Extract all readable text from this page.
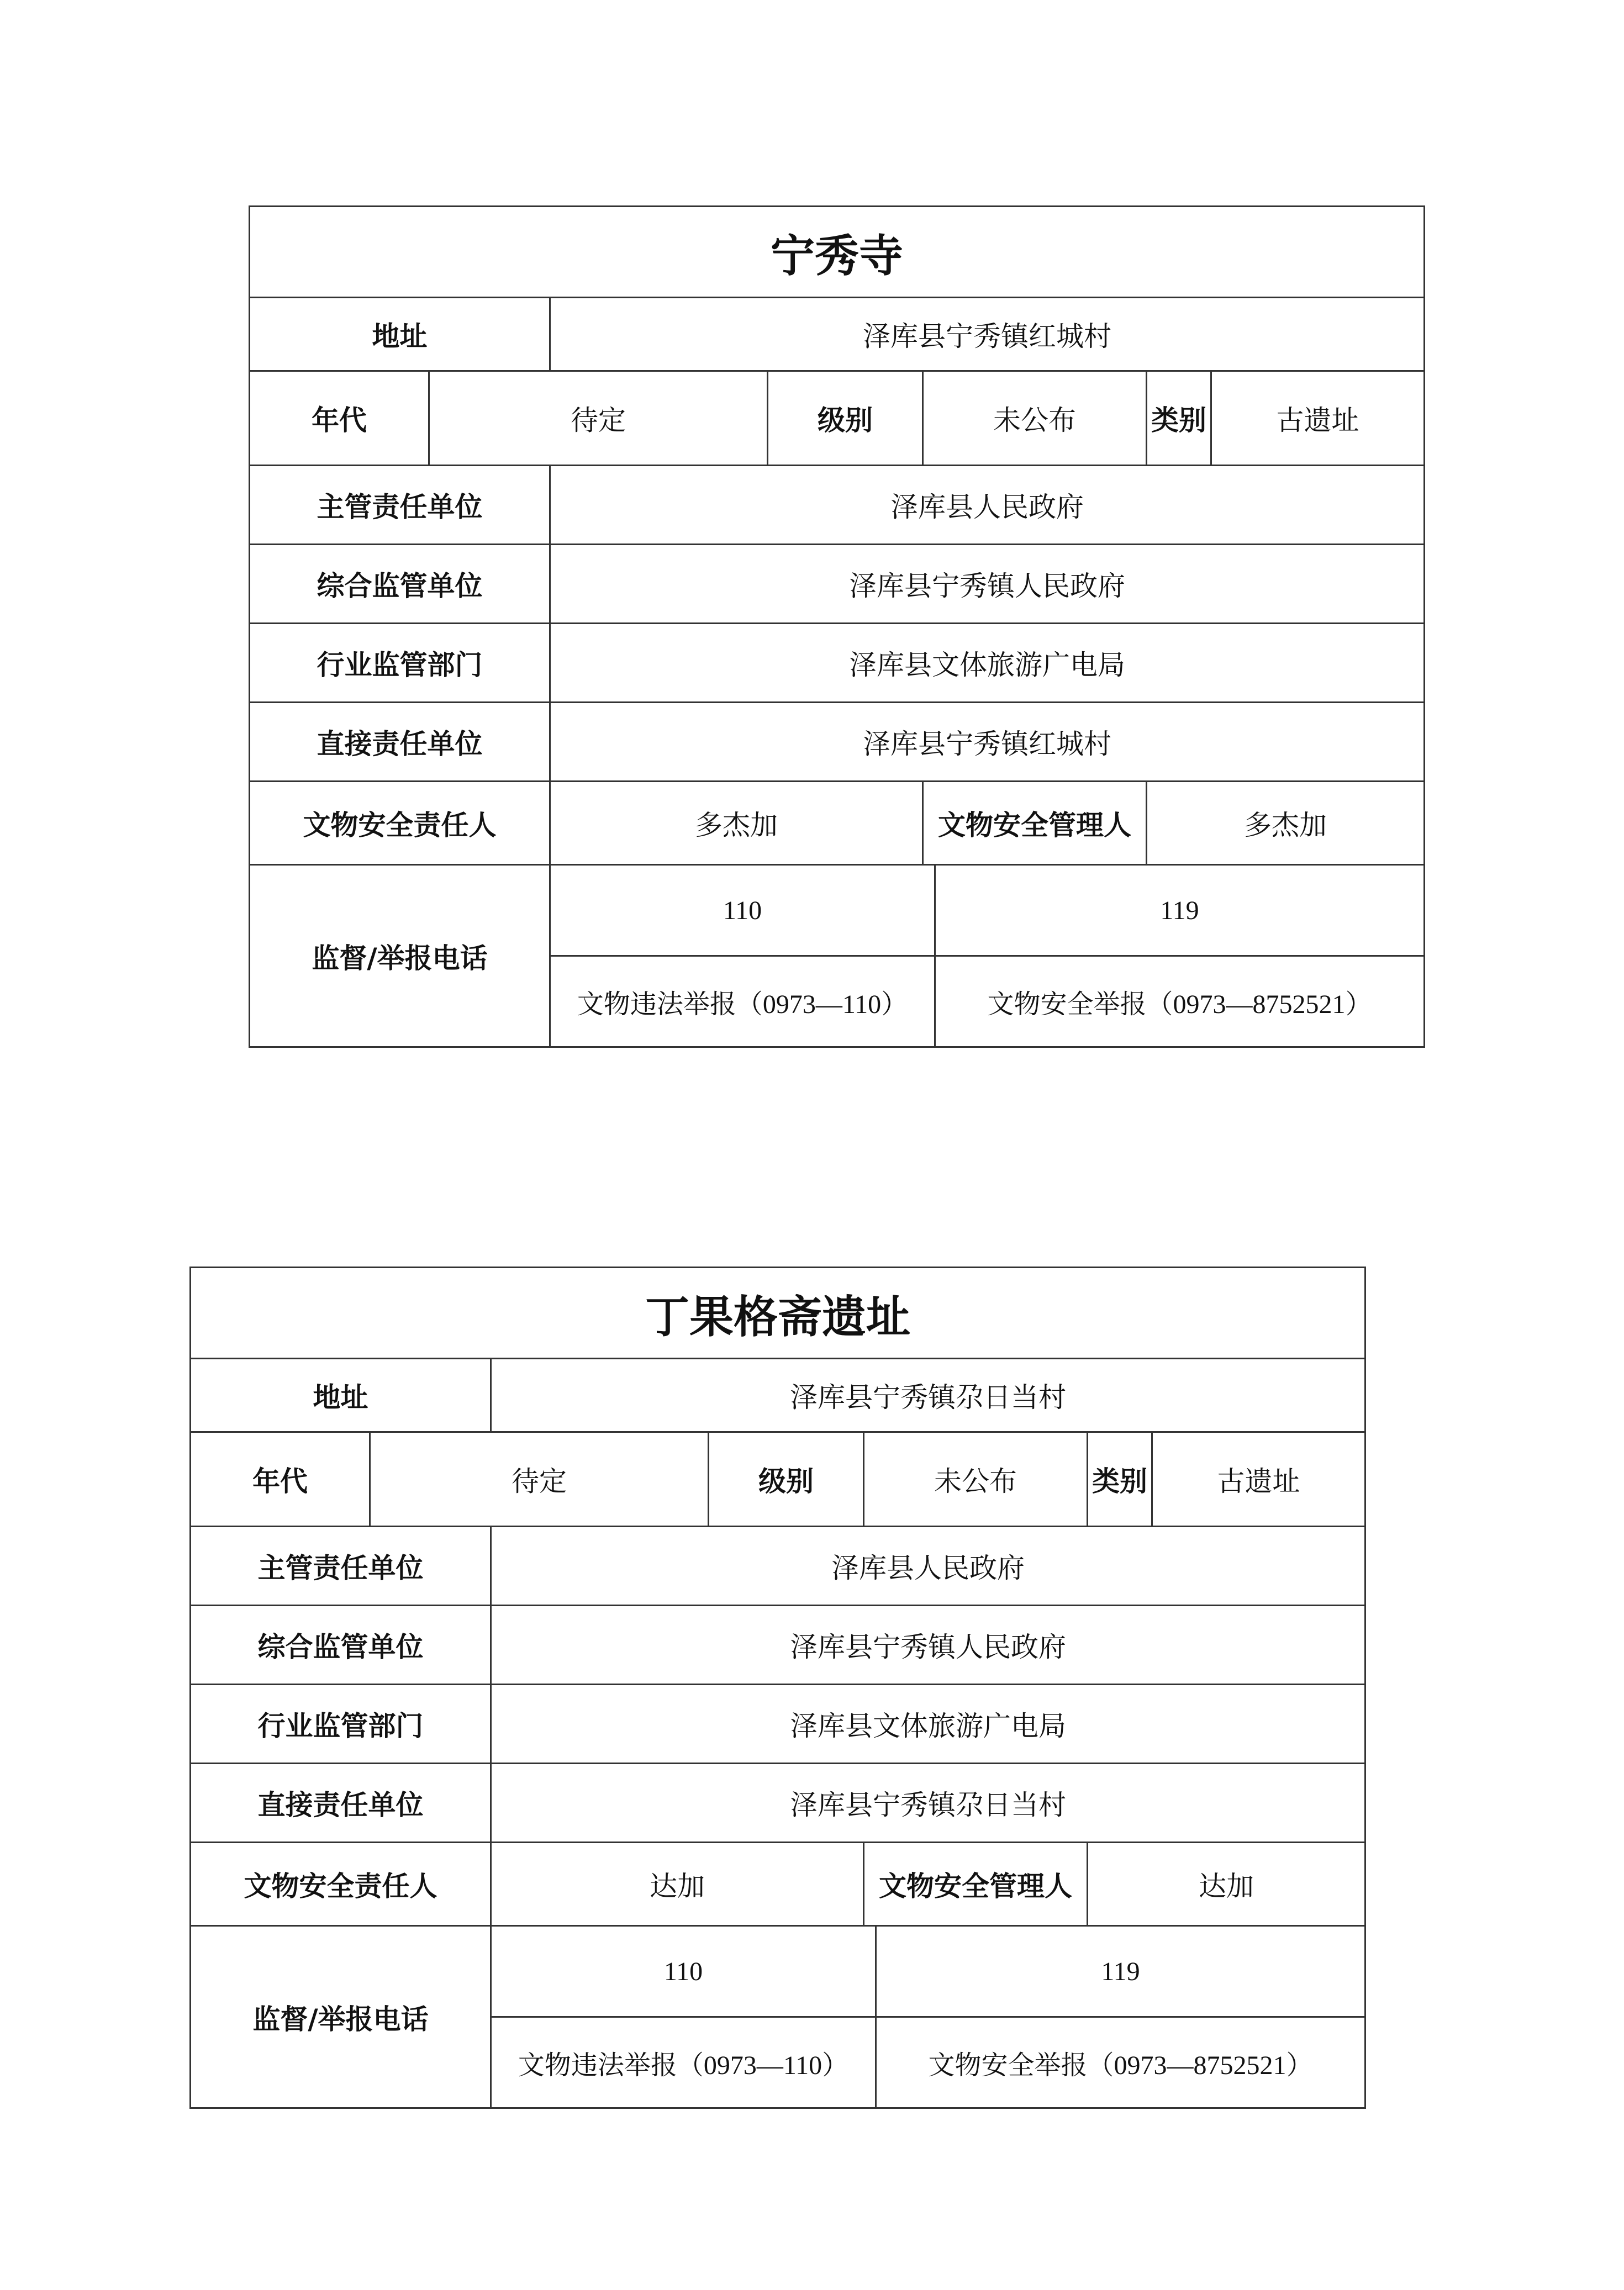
宁秀寺							
地址		泽库县宁秀镇红城村					
年代	待定		级别	未公布		类别	古遗址
主管责任单位		泽库县人民政府					
综合监管单位		泽库县宁秀镇人民政府					
行业监管部门		泽库县文体旅游广电局					
直接责任单位		泽库县宁秀镇红城村					
文物安全责任人		多杰加		文物安全管理人		多杰加	
监督/举报电话		110			119		
		文物违法举报（0973—110）			文物安全举报（0973—8752521）		
丁果格斋遗址							
地址		泽库县宁秀镇尕日当村					
年代	待定		级别	未公布		类别	古遗址
主管责任单位		泽库县人民政府					
综合监管单位		泽库县宁秀镇人民政府					
行业监管部门		泽库县文体旅游广电局					
直接责任单位		泽库县宁秀镇尕日当村					
文物安全责任人		达加		文物安全管理人		达加	
监督/举报电话		110			119		
		文物违法举报（0973—110）			文物安全举报（0973—8752521）		
